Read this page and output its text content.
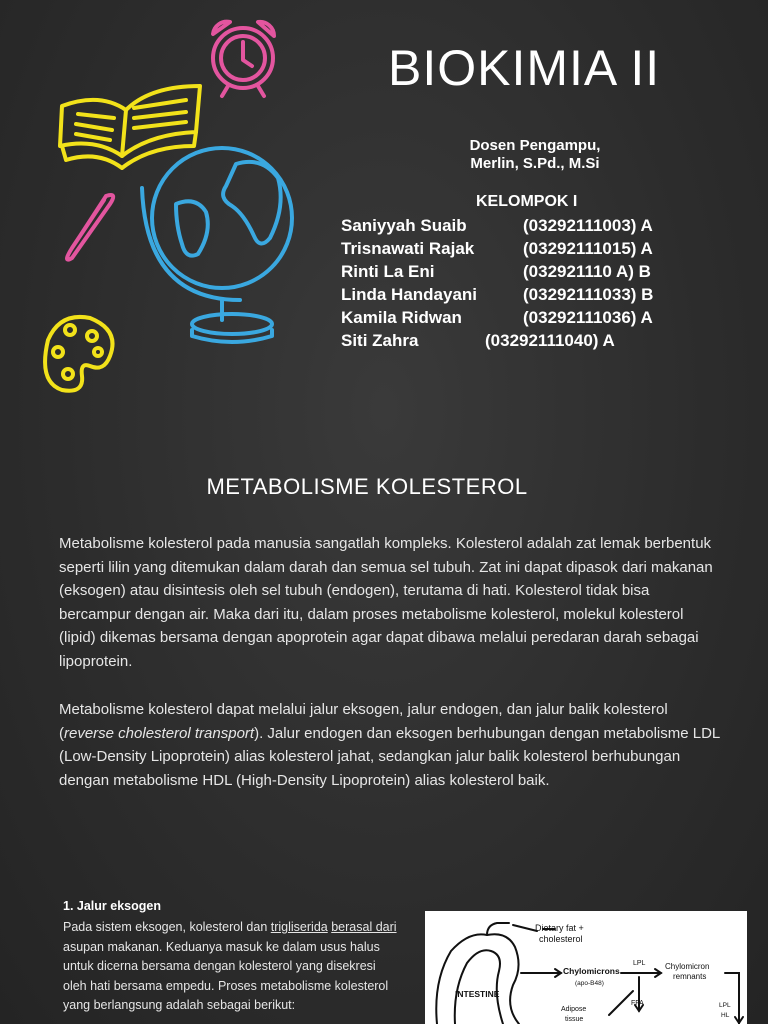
BIOKIMIA II
Dosen Pengampu,
Merlin, S.Pd., M.Si
KELOMPOK I
Saniyyah Suaib	(03292111003) A
Trisnawati Rajak	(03292111015) A
Rinti La Eni	(032921110 A) B
Linda Handayani	(03292111033) B
Kamila Ridwan	(03292111036) A
Siti Zahra	(03292111040) A
METABOLISME KOLESTEROL
Metabolisme kolesterol pada manusia sangatlah kompleks. Kolesterol adalah zat lemak berbentuk seperti lilin yang ditemukan dalam darah dan semua sel tubuh. Zat ini dapat dipasok dari makanan (eksogen) atau disintesis oleh sel tubuh (endogen), terutama di hati. Kolesterol tidak bisa bercampur dengan air. Maka dari itu, dalam proses metabolisme kolesterol, molekul kolesterol (lipid) dikemas bersama dengan apoprotein agar dapat dibawa melalui peredaran darah sebagai lipoprotein.
Metabolisme kolesterol dapat melalui jalur eksogen, jalur endogen, dan jalur balik kolesterol (reverse cholesterol transport). Jalur endogen dan eksogen berhubungan dengan metabolisme LDL (Low-Density Lipoprotein) alias kolesterol jahat, sedangkan jalur balik kolesterol berhubungan dengan metabolisme HDL (High-Density Lipoprotein) alias kolesterol baik.
1. Jalur eksogen
Pada sistem eksogen, kolesterol dan trigliserida berasal dari asupan makanan. Keduanya masuk ke dalam usus halus untuk dicerna bersama dengan kolesterol yang disekresi oleh hati bersama empedu. Proses metabolisme kolesterol yang berlangsung adalah sebagai berikut:
Dietary fat +
cholesterol
INTESTINE
Chylomicrons
(apo-B48)
LPL Chylomicron
remnants
FFA
Adipose
tissue
LPL
HL
